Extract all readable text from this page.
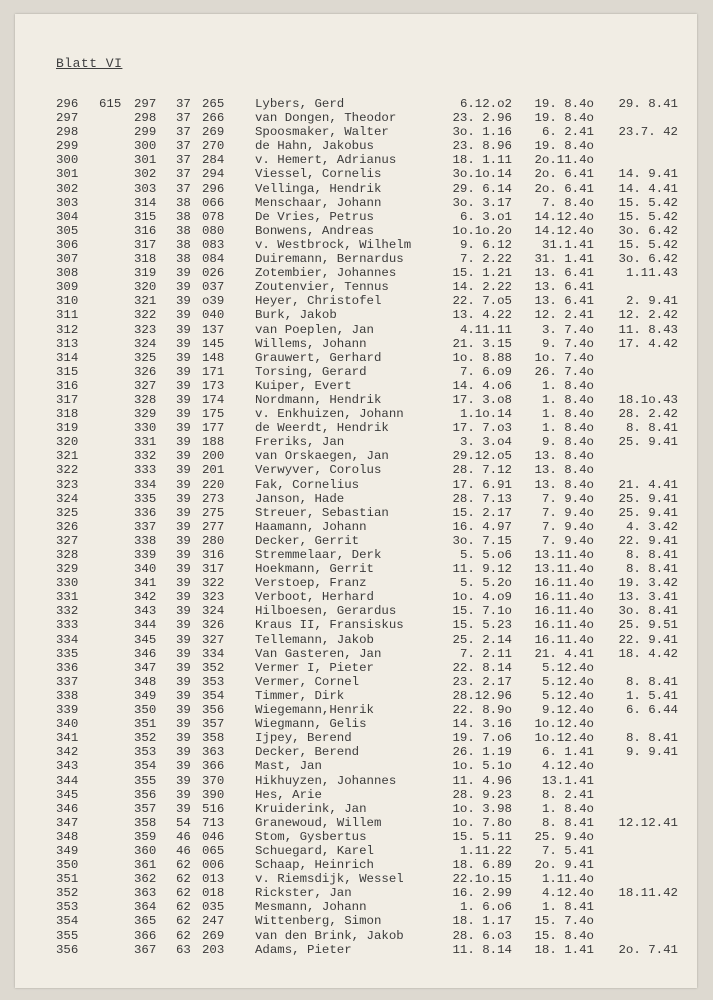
Blatt VI
296 615 297 37 265 Lybers, Gerd	6.12.o2	19. 8.4o	29. 8.41
297	298 37 266 van Dongen, Theodor	23. 2.96	19. 8.4o
298	299 37 269 Spoosmaker, Walter	3o. 1.16	6. 2.41	23.7. 42
299	300 37 270 de Hahn, Jakobus	23. 8.96	19. 8.4o
300	301 37 284 v. Hemert, Adrianus	18. 1.11	2o.11.4o
301	302 37 294 Viessel, Cornelis	3o.1o.14	2o. 6.41	14. 9.41
302	303 37 296 Vellinga, Hendrik	29. 6.14	2o. 6.41	14. 4.41
303	314 38 066 Menschaar, Johann	3o. 3.17	7. 8.4o	15. 5.42
304	315 38 078 De Vries, Petrus	6. 3.o1	14.12.4o	15. 5.42
305	316 38 080 Bonwens, Andreas	1o.1o.2o	14.12.4o	3o. 6.42
306	317 38 083 v. Westbrock, Wilhelm	9. 6.12	31.1.41	15. 5.42
307	318 38 084 Duiremann, Bernardus	7. 2.22	31. 1.41	3o. 6.42
308	319 39 026 Zotembier, Johannes	15. 1.21	13. 6.41	1.11.43
309	320 39 037 Zoutenvier, Tennus	14. 2.22	13. 6.41
310	321 39 o39 Heyer, Christofel	22. 7.o5	13. 6.41	2. 9.41
311	322 39 040 Burk, Jakob	13. 4.22	12. 2.41	12. 2.42
312	323 39 137 van Poeplen, Jan	4.11.11	3. 7.4o	11. 8.43
313	324 39 145 Willems, Johann	21. 3.15	9. 7.4o	17. 4.42
314	325 39 148 Grauwert, Gerhard	1o. 8.88	1o. 7.4o
315	326 39 171 Torsing, Gerard	7. 6.o9	26. 7.4o
316	327 39 173 Kuiper, Evert	14. 4.o6	1. 8.4o
317	328 39 174 Nordmann, Hendrik	17. 3.o8	1. 8.4o	18.1o.43
318	329 39 175 v. Enkhuizen, Johann	1.1o.14	1. 8.4o	28. 2.42
319	330 39 177 de Weerdt, Hendrik	17. 7.o3	1. 8.4o	8. 8.41
320	331 39 188 Freriks, Jan	3. 3.o4	9. 8.4o	25. 9.41
321	332 39 200 van Orskaegen, Jan	29.12.o5	13. 8.4o
322	333 39 201 Verwyver, Corolus	28. 7.12	13. 8.4o
323	334 39 220 Fak, Cornelius	17. 6.91	13. 8.4o	21. 4.41
324	335 39 273 Janson, Hade	28. 7.13	7. 9.4o	25. 9.41
325	336 39 275 Streuer, Sebastian	15. 2.17	7. 9.4o	25. 9.41
326	337 39 277 Haamann, Johann	16. 4.97	7. 9.4o	4. 3.42
327	338 39 280 Decker, Gerrit	3o. 7.15	7. 9.4o	22. 9.41
328	339 39 316 Stremmelaar, Derk	5. 5.o6	13.11.4o	8. 8.41
329	340 39 317 Hoekmann, Gerrit	11. 9.12	13.11.4o	8. 8.41
330	341 39 322 Verstoep, Franz	5. 5.2o	16.11.4o	19. 3.42
331	342 39 323 Verboot, Herhard	1o. 4.o9	16.11.4o	13. 3.41
332	343 39 324 Hilboesen, Gerardus	15. 7.1o	16.11.4o	3o. 8.41
333	344 39 326 Kraus II, Fransiskus	15. 5.23	16.11.4o	25. 9.51
334	345 39 327 Tellemann, Jakob	25. 2.14	16.11.4o	22. 9.41
335	346 39 334 Van Gasteren, Jan	7. 2.11	21. 4.41	18. 4.42
336	347 39 352 Vermer I, Pieter	22. 8.14	5.12.4o
337	348 39 353 Vermer, Cornel	23. 2.17	5.12.4o	8. 8.41
338	349 39 354 Timmer, Dirk	28.12.96	5.12.4o	1. 5.41
339	350 39 356 Wiegemann,Henrik	22. 8.9o	9.12.4o	6. 6.44
340	351 39 357 Wiegmann, Gelis	14. 3.16	1o.12.4o
341	352 39 358 Ijpey, Berend	19. 7.o6	1o.12.4o	8. 8.41
342	353 39 363 Decker, Berend	26. 1.19	6. 1.41	9. 9.41
343	354 39 366 Mast, Jan	1o. 5.1o	4.12.4o
344	355 39 370 Hikhuyzen, Johannes	11. 4.96	13.1.41
345	356 39 390 Hes, Arie	28. 9.23	8. 2.41
346	357 39 516 Kruiderink, Jan	1o. 3.98	1. 8.4o
347	358 54 713 Granewoud, Willem	1o. 7.8o	8. 8.41	12.12.41
348	359 46 046 Stom, Gysbertus	15. 5.11	25. 9.4o
349	360 46 065 Schuegard, Karel	1.11.22	7. 5.41
350	361 62 006 Schaap, Heinrich	18. 6.89	2o. 9.41
351	362 62 013 v. Riemsdijk, Wessel	22.1o.15	1.11.4o
352	363 62 018 Rickster, Jan	16. 2.99	4.12.4o	18.11.42
353	364 62 035 Mesmann, Johann	1. 6.o6	1. 8.41
354	365 62 247 Wittenberg, Simon	18. 1.17	15. 7.4o
355	366 62 269 van den Brink, Jakob	28. 6.o3	15. 8.4o
356	367 63 203 Adams, Pieter	11. 8.14	18. 1.41	2o. 7.41
